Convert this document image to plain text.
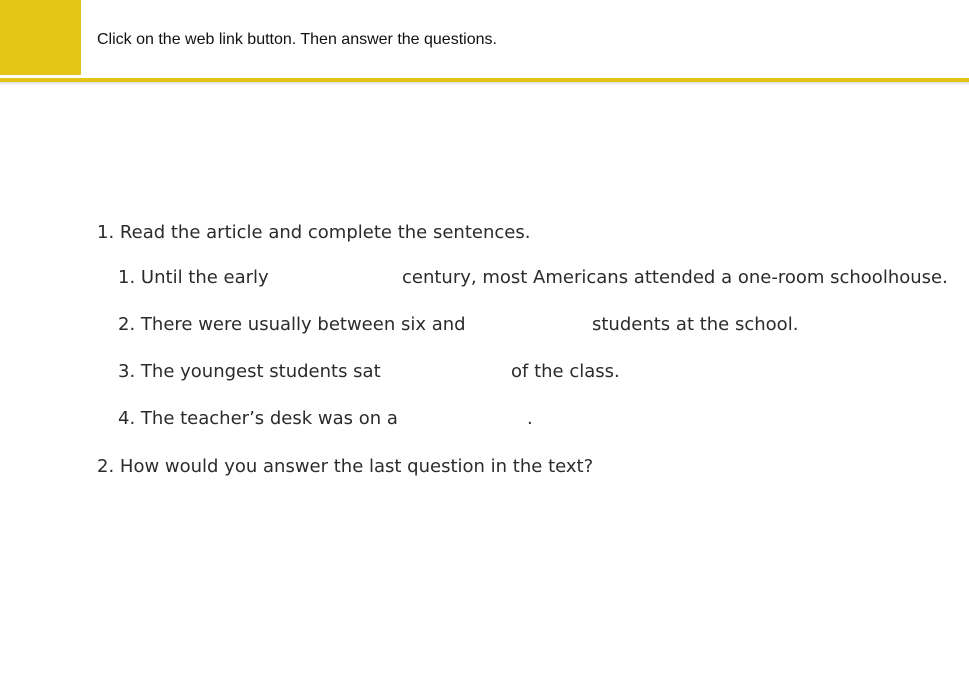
Click on the web link button. Then answer the questions.
1. Read the article and complete the sentences.
1. Until the early	century, most Americans attended a one-room schoolhouse.
2. There were usually between six and	students at the school.
3. The youngest students sat	of the class.
4. The teacher’s desk was on a	.
2. How would you answer the last question in the text?
